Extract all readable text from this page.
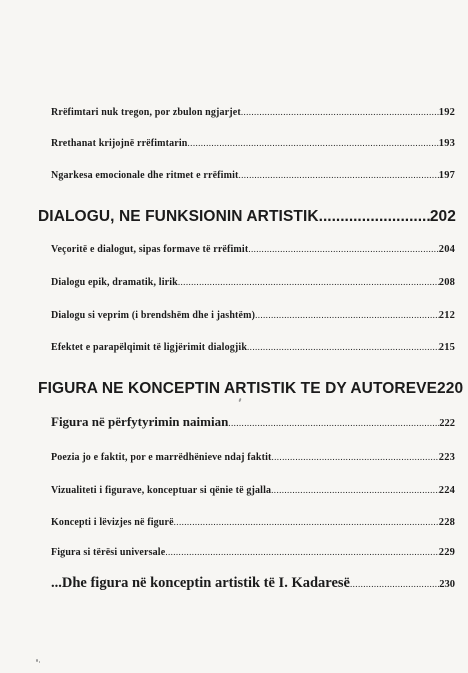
Rrëfimtari nuk tregon, por zbulon ngjarjet .....	192
Rrethanat krijojnë rrëfimtarin .....	193
Ngarkesa emocionale dhe ritmet e rrëfimit .....	197
DIALOGU, NE FUNKSIONIN ARTISTIK .....	202
Veçoritë e dialogut, sipas formave të rrëfimit .....	204
Dialogu epik, dramatik, lirik .....	208
Dialogu si veprim (i brendshëm dhe i jashtëm) .....	212
Efektet e parapëlqimit të ligjërimit dialogjik .....	215
FIGURA NE KONCEPTIN ARTISTIK TE DY AUTOREVE 220
Figura në përfytyrimin naimian .....	222
Poezia jo e faktit, por e marrëdhënieve ndaj faktit .....	223
Vizualiteti i figurave, konceptuar si qënie të gjalla .....	224
Koncepti i lëvizjes në figurë .....	228
Figura si tërësi universale .....	229
...Dhe figura në konceptin artistik të I. Kadaresë .....	230
